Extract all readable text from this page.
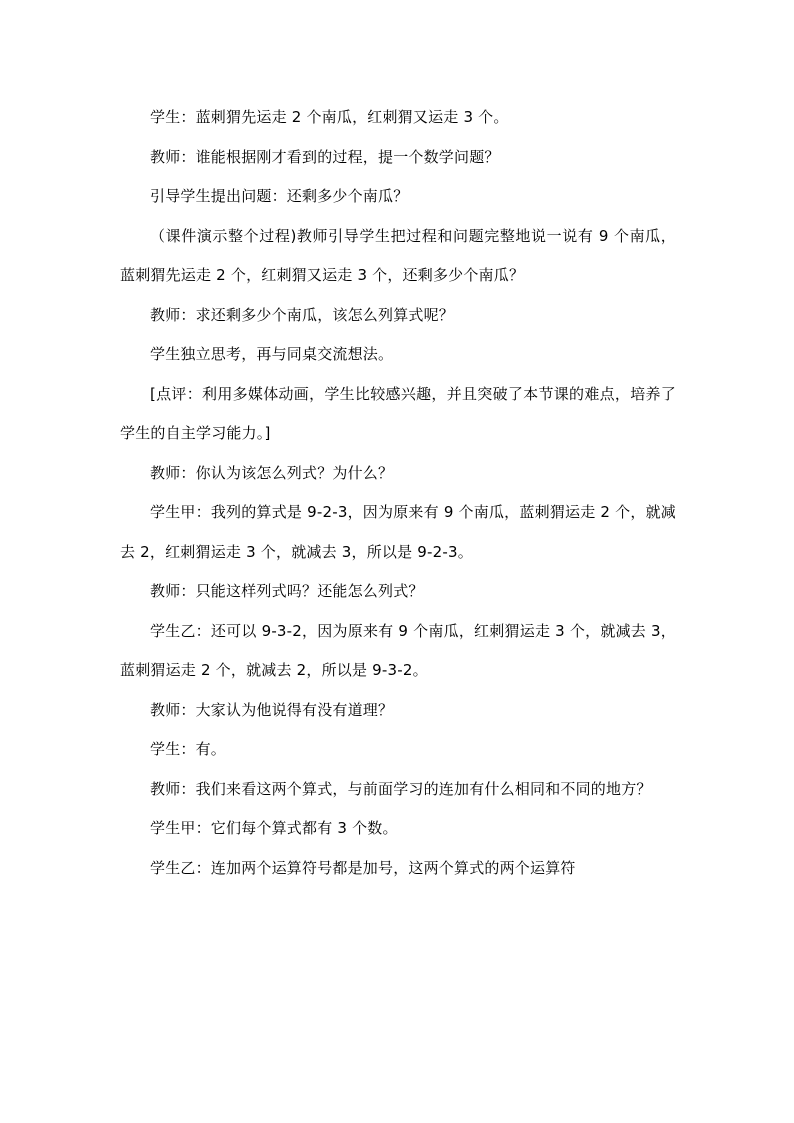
学生：蓝刺猬先运走 2 个南瓜，红刺猬又运走 3 个。

教师：谁能根据刚才看到的过程，提一个数学问题？

引导学生提出问题：还剩多少个南瓜？

（课件演示整个过程)教师引导学生把过程和问题完整地说一说有 9 个南瓜，蓝刺猬先运走 2 个，红刺猬又运走 3 个，还剩多少个南瓜？

教师：求还剩多少个南瓜，该怎么列算式呢？

学生独立思考，再与同桌交流想法。

[点评：利用多媒体动画，学生比较感兴趣，并且突破了本节课的难点，培养了学生的自主学习能力。]

教师：你认为该怎么列式？为什么？

学生甲：我列的算式是 9-2-3，因为原来有 9 个南瓜，蓝刺猬运走 2 个，就减去 2，红刺猬运走 3 个，就减去 3，所以是 9-2-3。

教师：只能这样列式吗？还能怎么列式？

学生乙：还可以 9-3-2，因为原来有 9 个南瓜，红刺猬运走 3 个，就减去 3，蓝刺猬运走 2 个，就减去 2，所以是 9-3-2。

教师：大家认为他说得有没有道理？

学生：有。

教师：我们来看这两个算式，与前面学习的连加有什么相同和不同的地方？

学生甲：它们每个算式都有 3 个数。

学生乙：连加两个运算符号都是加号，这两个算式的两个运算符
